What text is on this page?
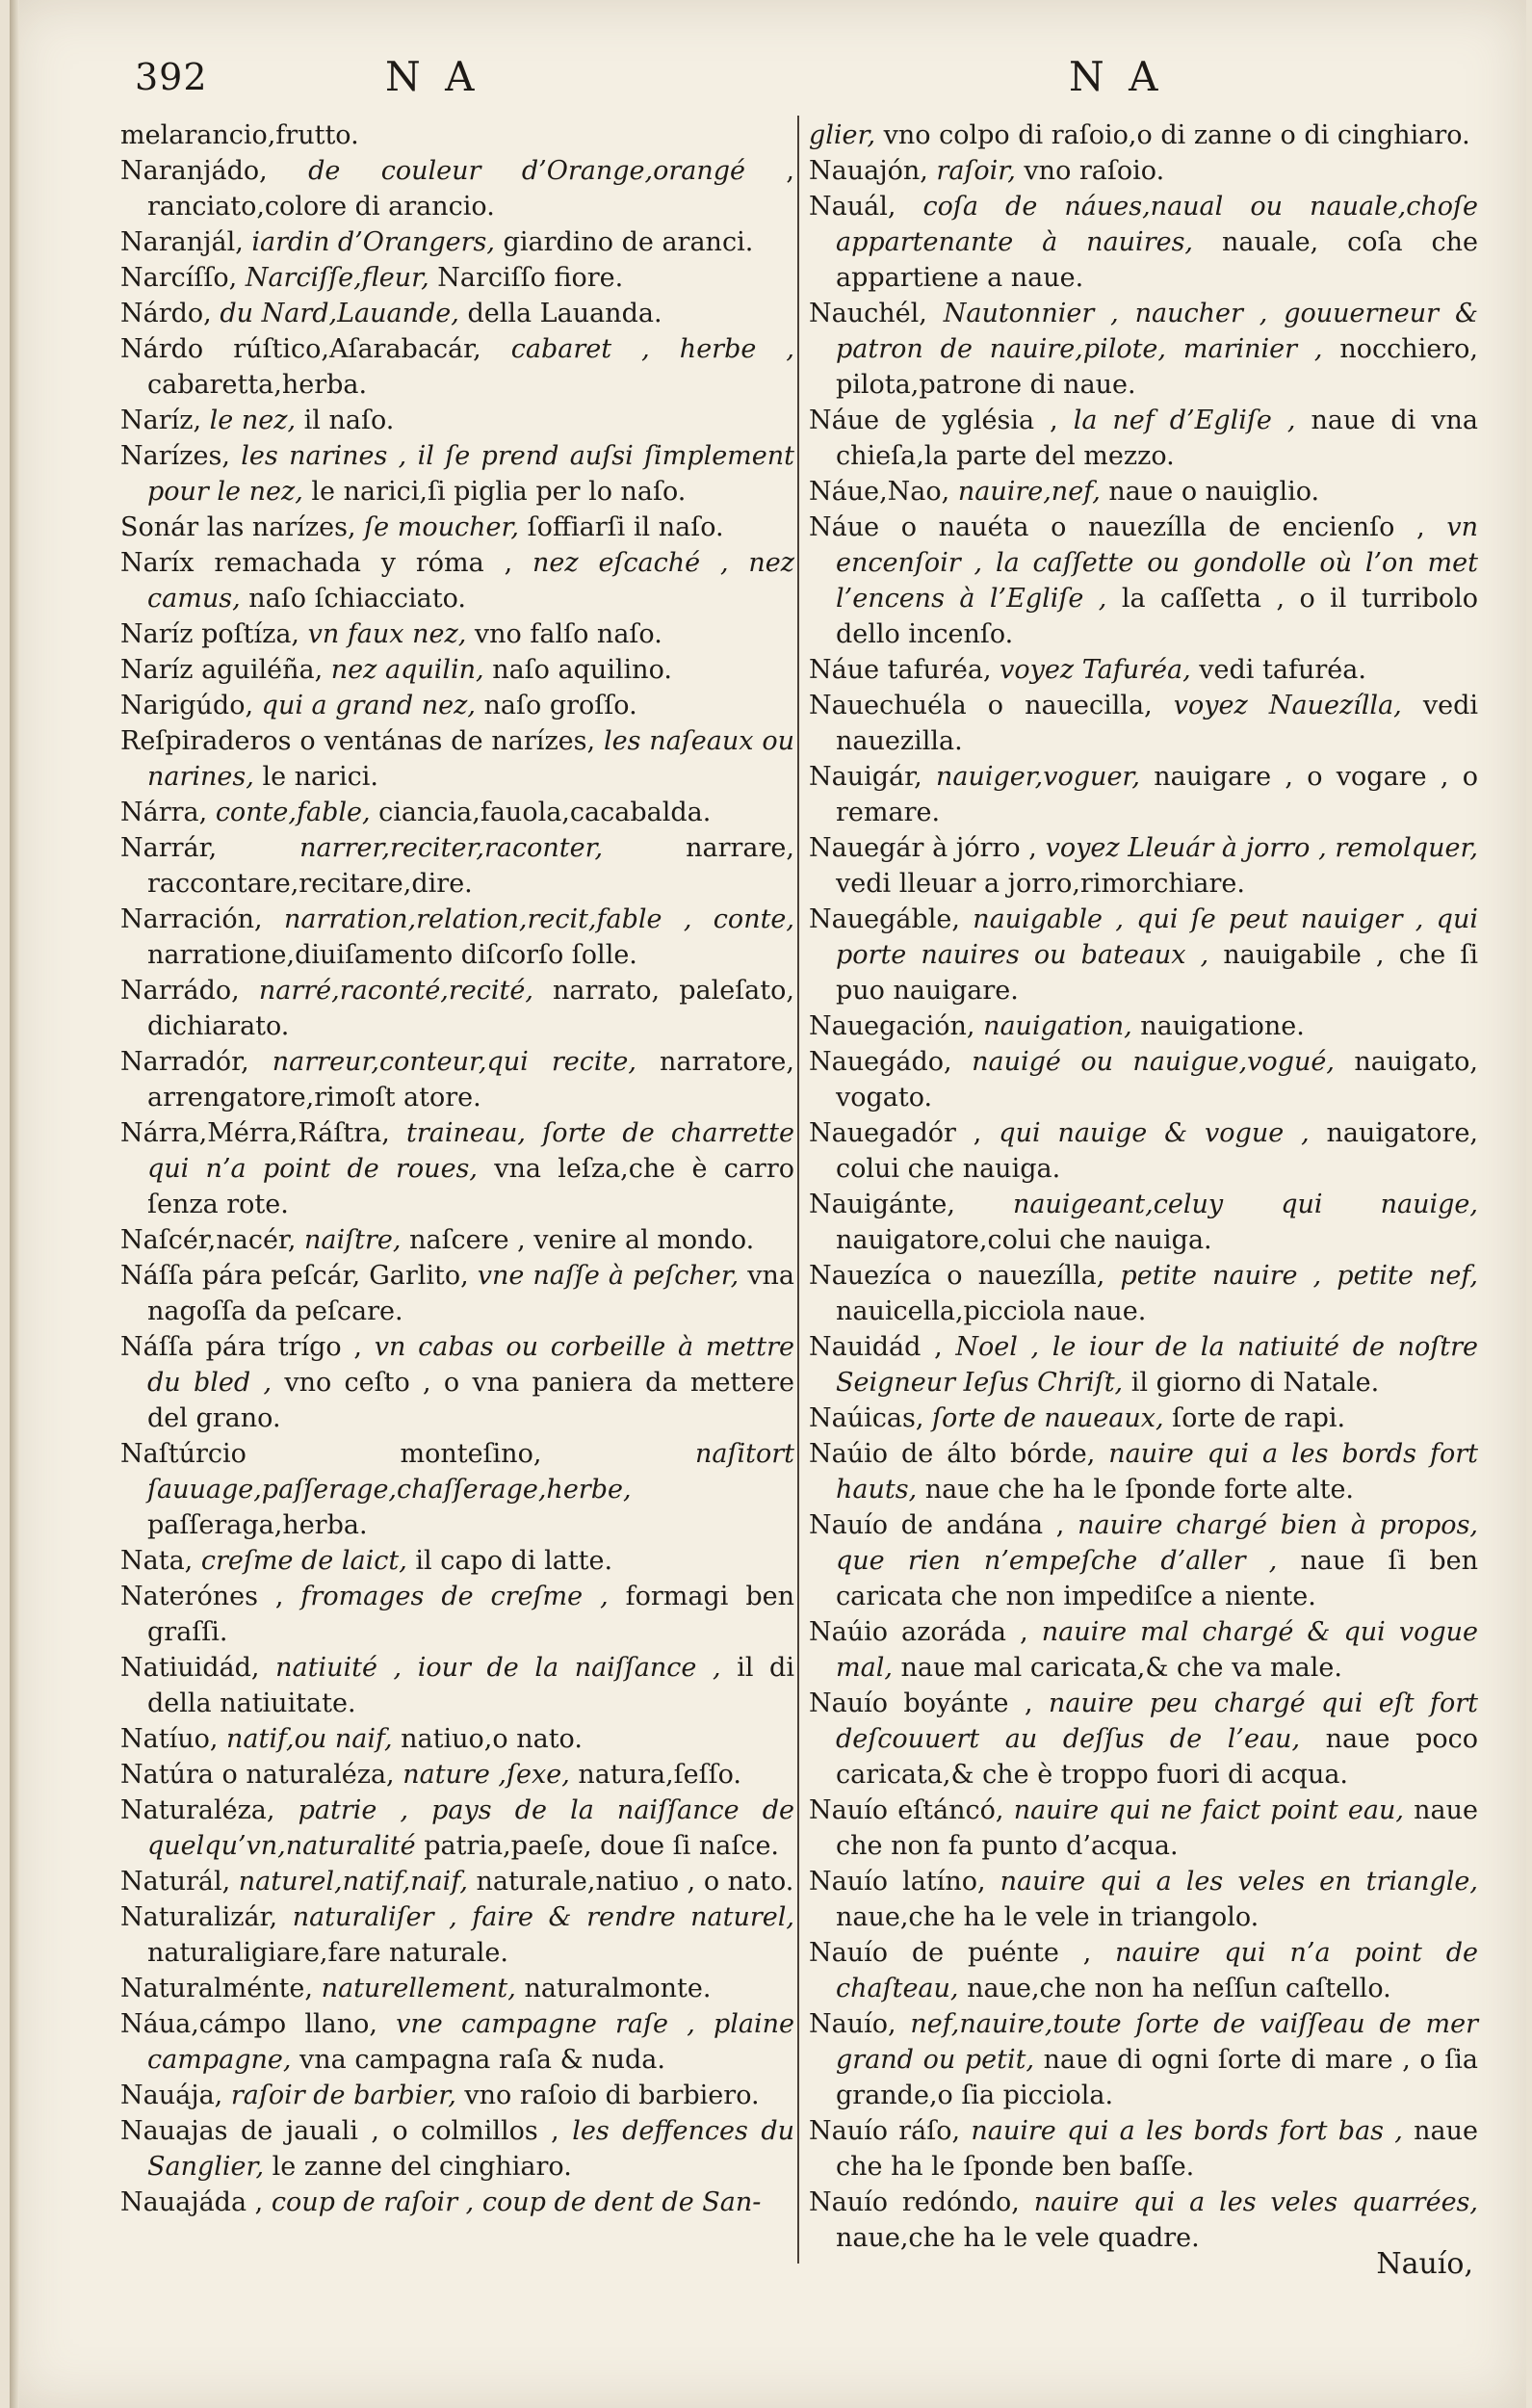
392	N A	N A
melarancio,frutto.
Naranjádo, de couleur d’Orange,orangé , ranciato,colore di arancio.
Naranjál, iardin d’Orangers, giardino de aranci.
Narcíſſo, Narciſſe,fleur, Narciſſo fiore.
Nárdo, du Nard,Lauande, della Lauanda.
Nárdo rúſtico,Aſarabacár, cabaret , herbe , cabaretta,herba.
Naríz, le nez, il naſo.
Narízes, les narines , il ſe prend auſsi ſimplement pour le nez, le narici,ſi piglia per lo naſo.
Sonár las narízes, ſe moucher, ſoffiarſi il naſo.
Naríx remachada y róma , nez eſcaché , nez camus, naſo ſchiacciato.
Naríz poſtíza, vn faux nez, vno falſo naſo.
Naríz aguiléña, nez aquilin, naſo aquilino.
Narigúdo, qui a grand nez, naſo groſſo.
Reſpiraderos o ventánas de narízes, les naſeaux ou narines, le narici.
Nárra, conte,fable, ciancia,fauola,cacabalda.
Narrár,	narrer,reciter,raconter,	narrare, raccontare,recitare,dire.
Narración, narration,relation,recit,fable , conte, narratione,diuiſamento diſcorſo ſolle.
Narrádo, narré,raconté,recité, narrato, paleſato, dichiarato.
Narradór, narreur,conteur,qui recite, narratore, arrengatore,rimoſt atore.
Nárra,Mérra,Ráſtra, traineau, ſorte de charrette qui n’a point de roues, vna leſza,che è carro ſenza rote.
Naſcér,nacér, naiſtre, naſcere , venire al mondo.
Náſſa pára peſcár, Garlito, vne naſſe à peſcher, vna nagoſſa da peſcare.
Náſſa pára trígo , vn cabas ou corbeille à mettre du bled , vno ceſto , o vna paniera da mettere del grano.
Naſtúrcio monteſino,	naſitort ſauuage,paſſerage,chaſſerage,herbe, paſſeraga,herba.
Nata, creſme de laict, il capo di latte.
Naterónes , fromages de creſme , formagi ben graſſi.
Natiuidád, natiuité , iour de la naiſſance , il di della natiuitate.
Natíuo, natif,ou naif, natiuo,o nato.
Natúra o naturaléza, nature ,ſexe, natura,ſeſſo.
Naturaléza, patrie , pays de la naiſſance de quelqu’vn,naturalité patria,paeſe, doue ſi naſce.
Naturál, naturel,natif,naif, naturale,natiuo , o nato.
Naturalizár, naturaliſer , faire & rendre naturel, naturaligiare,fare naturale.
Naturalménte, naturellement, naturalmonte.
Náua,cámpo llano, vne campagne raſe , plaine campagne, vna campagna raſa & nuda.
Nauája, raſoir de barbier, vno raſoio di barbiero.
Nauajas de jauali , o colmillos , les deffences du Sanglier, le zanne del cinghiaro.
Nauajáda , coup de raſoir , coup de dent de San-
glier, vno colpo di raſoio,o di zanne o di cinghiaro.
Nauajón, raſoir, vno raſoio.
Nauál, coſa de náues,naual ou nauale,choſe appartenante à nauires, nauale, coſa che appartiene a naue.
Nauchél, Nautonnier , naucher , gouuerneur & patron de nauire,pilote, marinier , nocchiero, pilota,patrone di naue.
Náue de yglésia , la nef d’Egliſe , naue di vna chieſa,la parte del mezzo.
Náue,Nao, nauire,nef, naue o nauiglio.
Náue o nauéta o nauezílla de encienſo , vn encenſoir , la caſſette ou gondolle où l’on met l’encens à l’Egliſe , la caſſetta , o il turribolo dello incenſo.
Náue tafuréa, voyez Tafuréa, vedi tafuréa.
Nauechuéla o nauecilla, voyez Nauezílla, vedi nauezilla.
Nauigár, nauiger,voguer, nauigare , o vogare , o remare.
Nauegár à jórro , voyez Lleuár à jorro , remolquer, vedi lleuar a jorro,rimorchiare.
Nauegáble, nauigable , qui ſe peut nauiger , qui porte nauires ou bateaux , nauigabile , che ſi puo nauigare.
Nauegación, nauigation, nauigatione.
Nauegádo, nauigé ou nauigue,vogué, nauigato, vogato.
Nauegadór , qui nauige & vogue , nauigatore, colui che nauiga.
Nauigánte, nauigeant,celuy qui nauige, nauigatore,colui che nauiga.
Nauezíca o nauezílla, petite nauire , petite nef, nauicella,picciola naue.
Nauidád , Noel , le iour de la natiuité de noſtre Seigneur Ieſus Chriſt, il giorno di Natale.
Naúicas, ſorte de naueaux, ſorte de rapi.
Naúio de álto bórde, nauire qui a les bords fort hauts, naue che ha le ſponde forte alte.
Nauío de andána , nauire chargé bien à propos, que rien n’empeſche d’aller , naue ſi ben caricata che non impediſce a niente.
Naúio azoráda , nauire mal chargé & qui vogue mal, naue mal caricata,& che va male.
Nauío boyánte , nauire peu chargé qui eſt fort deſcouuert au deſſus de l’eau, naue poco caricata,& che è troppo fuori di acqua.
Nauío eſtáncó, nauire qui ne faict point eau, naue che non fa punto d’acqua.
Nauío latíno, nauire qui a les veles en triangle, naue,che ha le vele in triangolo.
Nauío de puénte , nauire qui n’a point de chaſteau, naue,che non ha neſſun caſtello.
Nauío, nef,nauire,toute ſorte de vaiſſeau de mer grand ou petit, naue di ogni ſorte di mare , o ſia grande,o ſia picciola.
Nauío ráſo, nauire qui a les bords fort bas , naue che ha le ſponde ben baſſe.
Nauío redóndo, nauire qui a les veles quarrées, naue,che ha le vele quadre.
Nauío,
